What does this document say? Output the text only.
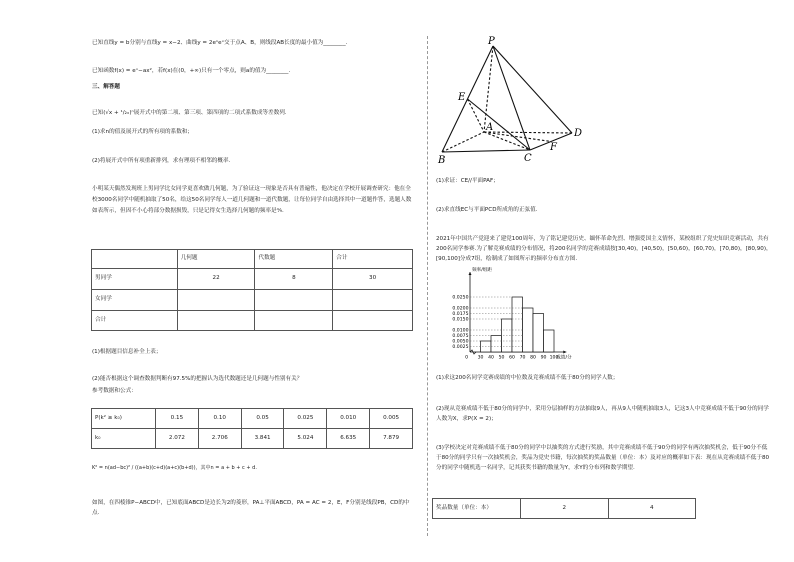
已知直线y = b分别与直线y = x−2、曲线y = 2eⁿeˣ交于点A、B，则线段AB长度的最小值为________.
已知函数f(x) = eˣ−ax²，若f(x)在(0，+∞)只有一个零点，则a的值为________.
三、解答题
已知(√x + ¹/₂ₓ)ⁿ展开式中的第二项、第三项、第四项的二项式系数成等差数列.
(1)求n的值及展开式的所有项的系数和；
(2)将展开式中所有项重新排列，求有理项不相邻的概率.
小明某天偶然发现班上男同学比女同学更喜欢做几何题，为了验证这一现象是否具有普遍性，他决定在学校开展调查研究：他在全校3000名同学中随机抽取了50名，给这50名同学每人一道几何题和一道代数题，让每位同学自由选择其中一道题作答，选题人数如表所示，但因不小心将部分数据损毁，只是记得女生选择几何题的频率是⁴⁄₉.
	几何题	代数题	合计
男同学	22	8	30
女同学			
合计			
(1)根据题目信息补全上表；
(2)能否根据这个调查数据判断有97.5%的把握认为选代数题还是几何题与性别有关？
参考数据和公式：
P(k² ≥ k₀)	0.15	0.10	0.05	0.025	0.010	0.005
k₀	2.072	2.706	3.841	5.024	6.635	7.879
K² = n(ad−bc)² / ((a+b)(c+d)(a+c)(b+d))，其中n = a + b + c + d.
如图，在四棱锥P−ABCD中，已知底面ABCD是边长为2的菱形，PA⊥平面ABCD，PA = AC = 2，E，F分别是线段PB，CD的中点.
P
E
A
B	C
D
F
(1)求证：CE//平面PAF；
(2)求直线EC与平面PCD所成角的正弦值.
2021年中国共产党迎来了建党100周年，为了铭记建党历史、缅怀革命先烈、增强爱国主义情怀，某校组织了党史知识竞赛活动，共有200名同学参赛.为了解竞赛成绩的分布情况，将200名同学的竞赛成绩按[30,40)，[40,50)，[50,60)，[60,70)，[70,80)，[80,90)，[90,100]分成7组，绘制成了如图所示的频率分布直方图.
0.0250
0.0200
0.0175
0.0150
0.0100
0.0075
0.0050
0.0025
30 40 50 60 70 80 90 100
0
频率/组距
成绩/分
(1)求这200名同学竞赛成绩的中位数及竞赛成绩不低于80分的同学人数；
(2)现从竞赛成绩不低于80分的同学中，采用分层抽样的方法抽取9人，再从9人中随机抽取3人，记这3人中竞赛成绩不低于90分的同学人数为X，求P(X = 2)；
(3)学校决定对竞赛成绩不低于80分的同学中以抽奖的方式进行奖励，其中竞赛成绩不低于90分的同学有两次抽奖机会，低于90分不低于80分的同学只有一次抽奖机会，奖品为党史书籍，每次抽奖的奖品数量（单位：本）及对应的概率如下表：现在从竞赛成绩不低于80分的同学中随机选一名同学，记其获奖书籍的数量为Y，求Y的分布列和数学期望.
奖品数量（单位：本）	2	4
